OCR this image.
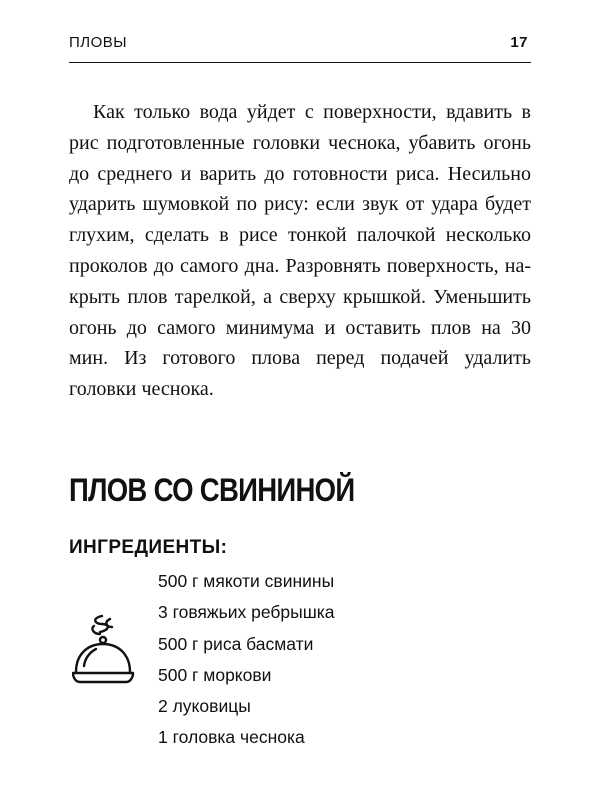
ПЛОВЫ	17

Как только вода уйдет с поверхности, вдавить в рис подготовленные головки чеснока, убавить огонь до среднего и варить до готовности риса. Несильно ударить шумовкой по рису: если звук от удара будет глухим, сделать в рисе тонкой палочкой несколько проколов до самого дна. Разровнять поверхность, накрыть плов тарелкой, а сверху крышкой. Уменьшить огонь до самого минимума и оставить плов на 30 мин. Из готового плова перед подачей удалить головки чеснока.

ПЛОВ СО СВИНИНОЙ
ИНГРЕДИЕНТЫ:
500 г мякоти свинины
3 говяжьих ребрышка
500 г риса басмати
500 г моркови
2 луковицы
1 головка чеснока
